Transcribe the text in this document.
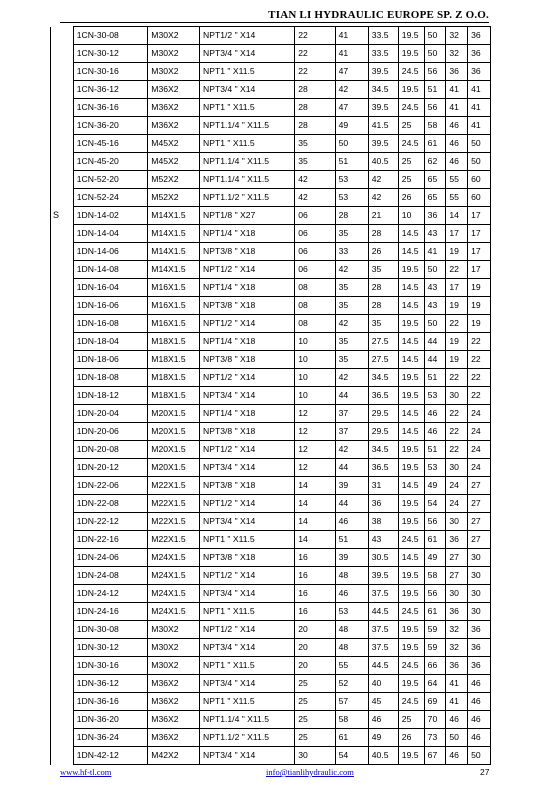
TIAN LI HYDRAULIC EUROPE SP. Z O.O.
	1CN-30-08	M30X2	NPT1/2 " X14	22	41	33.5	19.5	50	32	36
	1CN-30-12	M30X2	NPT3/4 " X14	22	41	33.5	19.5	50	32	36
	1CN-30-16	M30X2	NPT1 " X11.5	22	47	39.5	24.5	56	36	36
	1CN-36-12	M36X2	NPT3/4 " X14	28	42	34.5	19.5	51	41	41
	1CN-36-16	M36X2	NPT1 " X11.5	28	47	39.5	24.5	56	41	41
	1CN-36-20	M36X2	NPT1.1/4 " X11.5	28	49	41.5	25	58	46	41
	1CN-45-16	M45X2	NPT1 " X11.5	35	50	39.5	24.5	61	46	50
	1CN-45-20	M45X2	NPT1.1/4 " X11.5	35	51	40.5	25	62	46	50
	1CN-52-20	M52X2	NPT1.1/4 " X11.5	42	53	42	25	65	55	60
	1CN-52-24	M52X2	NPT1.1/2 " X11.5	42	53	42	26	65	55	60
S	1DN-14-02	M14X1.5	NPT1/8 " X27	06	28	21	10	36	14	17
	1DN-14-04	M14X1.5	NPT1/4 " X18	06	35	28	14.5	43	17	17
	1DN-14-06	M14X1.5	NPT3/8 " X18	06	33	26	14.5	41	19	17
	1DN-14-08	M14X1.5	NPT1/2 " X14	06	42	35	19.5	50	22	17
	1DN-16-04	M16X1.5	NPT1/4 " X18	08	35	28	14.5	43	17	19
	1DN-16-06	M16X1.5	NPT3/8 " X18	08	35	28	14.5	43	19	19
	1DN-16-08	M16X1.5	NPT1/2 " X14	08	42	35	19.5	50	22	19
	1DN-18-04	M18X1.5	NPT1/4 " X18	10	35	27.5	14.5	44	19	22
	1DN-18-06	M18X1.5	NPT3/8 " X18	10	35	27.5	14.5	44	19	22
	1DN-18-08	M18X1.5	NPT1/2 " X14	10	42	34.5	19.5	51	22	22
	1DN-18-12	M18X1.5	NPT3/4 " X14	10	44	36.5	19.5	53	30	22
	1DN-20-04	M20X1.5	NPT1/4 " X18	12	37	29.5	14.5	46	22	24
	1DN-20-06	M20X1.5	NPT3/8 " X18	12	37	29.5	14.5	46	22	24
	1DN-20-08	M20X1.5	NPT1/2 " X14	12	42	34.5	19.5	51	22	24
	1DN-20-12	M20X1.5	NPT3/4 " X14	12	44	36.5	19.5	53	30	24
	1DN-22-06	M22X1.5	NPT3/8 " X18	14	39	31	14.5	49	24	27
	1DN-22-08	M22X1.5	NPT1/2 " X14	14	44	36	19.5	54	24	27
	1DN-22-12	M22X1.5	NPT3/4 " X14	14	46	38	19.5	56	30	27
	1DN-22-16	M22X1.5	NPT1 " X11.5	14	51	43	24.5	61	36	27
	1DN-24-06	M24X1.5	NPT3/8 " X18	16	39	30.5	14.5	49	27	30
	1DN-24-08	M24X1.5	NPT1/2 " X14	16	48	39.5	19.5	58	27	30
	1DN-24-12	M24X1.5	NPT3/4 " X14	16	46	37.5	19.5	56	30	30
	1DN-24-16	M24X1.5	NPT1 " X11.5	16	53	44.5	24.5	61	36	30
	1DN-30-08	M30X2	NPT1/2 " X14	20	48	37.5	19.5	59	32	36
	1DN-30-12	M30X2	NPT3/4 " X14	20	48	37.5	19.5	59	32	36
	1DN-30-16	M30X2	NPT1 " X11.5	20	55	44.5	24.5	66	36	36
	1DN-36-12	M36X2	NPT3/4 " X14	25	52	40	19.5	64	41	46
	1DN-36-16	M36X2	NPT1 " X11.5	25	57	45	24.5	69	41	46
	1DN-36-20	M36X2	NPT1.1/4 " X11.5	25	58	46	25	70	46	46
	1DN-36-24	M36X2	NPT1.1/2 " X11.5	25	61	49	26	73	50	46
	1DN-42-12	M42X2	NPT3/4 " X14	30	54	40.5	19.5	67	46	50
www.hf-tl.com	info@tianlihydraulic.com	27
